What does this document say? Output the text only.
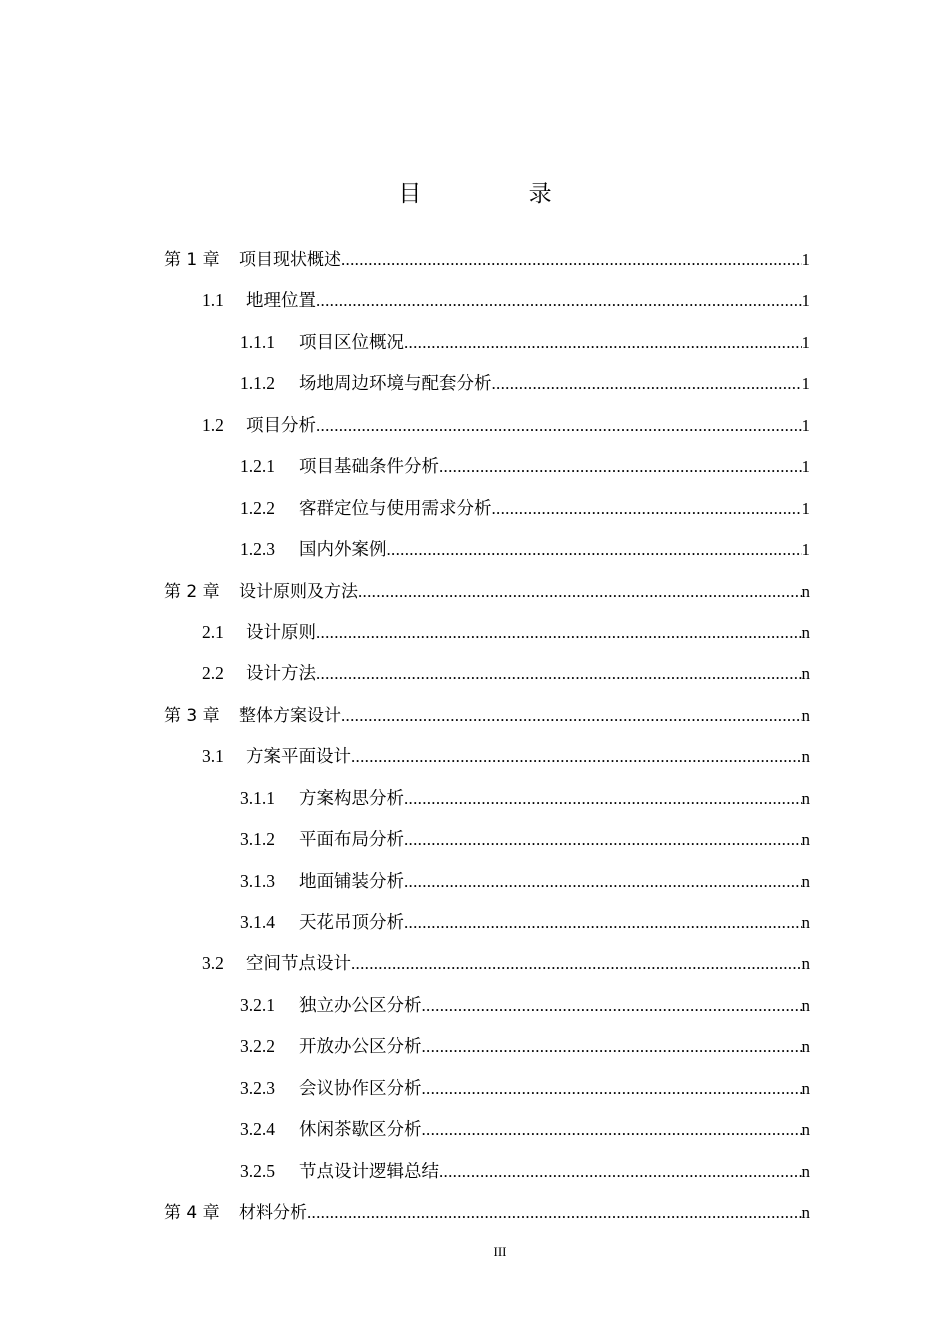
目 录
第 1 章	项目现状概述 .....	1
1.1	地理位置 .....	1
1.1.1	项目区位概况 .....	1
1.1.2	场地周边环境与配套分析 .....	1
1.2	项目分析 .....	1
1.2.1	项目基础条件分析 .....	1
1.2.2	客群定位与使用需求分析 .....	1
1.2.3	国内外案例 .....	1
第 2 章	设计原则及方法 .....	n
2.1	设计原则 .....	n
2.2	设计方法 .....	n
第 3 章	整体方案设计 .....	n
3.1	方案平面设计 .....	n
3.1.1	方案构思分析 .....	n
3.1.2	平面布局分析 .....	n
3.1.3	地面铺装分析 .....	n
3.1.4	天花吊顶分析 .....	n
3.2	空间节点设计 .....	n
3.2.1	独立办公区分析 .....	n
3.2.2	开放办公区分析 .....	n
3.2.3	会议协作区分析 .....	n
3.2.4	休闲茶歇区分析 .....	n
3.2.5	节点设计逻辑总结 .....	n
第 4 章	材料分析 .....	n
III
